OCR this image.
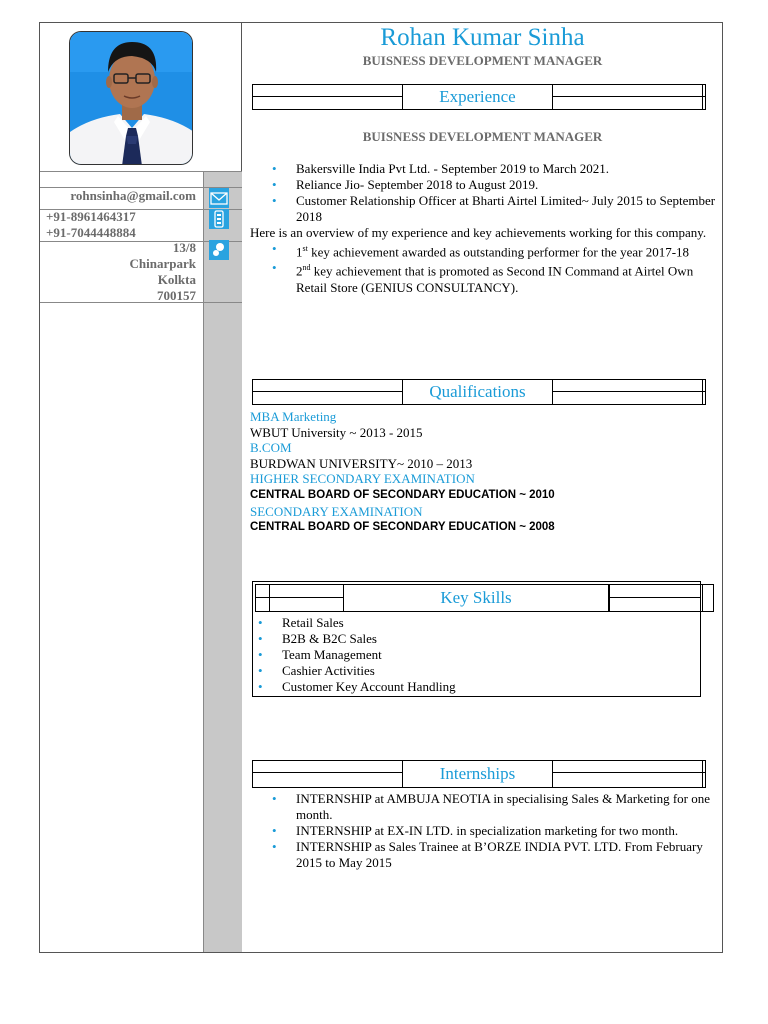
rohnsinha@gmail.com
+91-8961464317
+91-7044448884
13/8
Chinarpark
Kolkta
700157
Rohan Kumar Sinha
BUISNESS DEVELOPMENT MANAGER
Experience
BUISNESS DEVELOPMENT MANAGER
• Bakersville India Pvt Ltd. - September 2019 to March 2021.
• Reliance Jio- September 2018 to August 2019.
• Customer Relationship Officer at Bharti Airtel Limited~ July 2015 to September 2018
Here is an overview of my experience and key achievements working for this company.
• 1st key achievement awarded as outstanding performer for the year 2017-18
• 2nd key achievement that is promoted as Second IN Command at Airtel Own Retail Store (GENIUS CONSULTANCY).
Qualifications
MBA Marketing
WBUT University ~ 2013 - 2015
B.COM
BURDWAN UNIVERSITY~ 2010 – 2013
HIGHER SECONDARY EXAMINATION
CENTRAL BOARD OF SECONDARY EDUCATION ~ 2010
SECONDARY EXAMINATION
CENTRAL BOARD OF SECONDARY EDUCATION ~ 2008
Key Skills
• Retail Sales
• B2B & B2C Sales
• Team Management
• Cashier Activities
• Customer Key Account Handling
Internships
• INTERNSHIP at AMBUJA NEOTIA in specialising Sales & Marketing for one month.
• INTERNSHIP at EX-IN LTD. in specialization marketing for two month.
• INTERNSHIP as Sales Trainee at B’ORZE INDIA PVT. LTD. From February 2015 to May 2015
